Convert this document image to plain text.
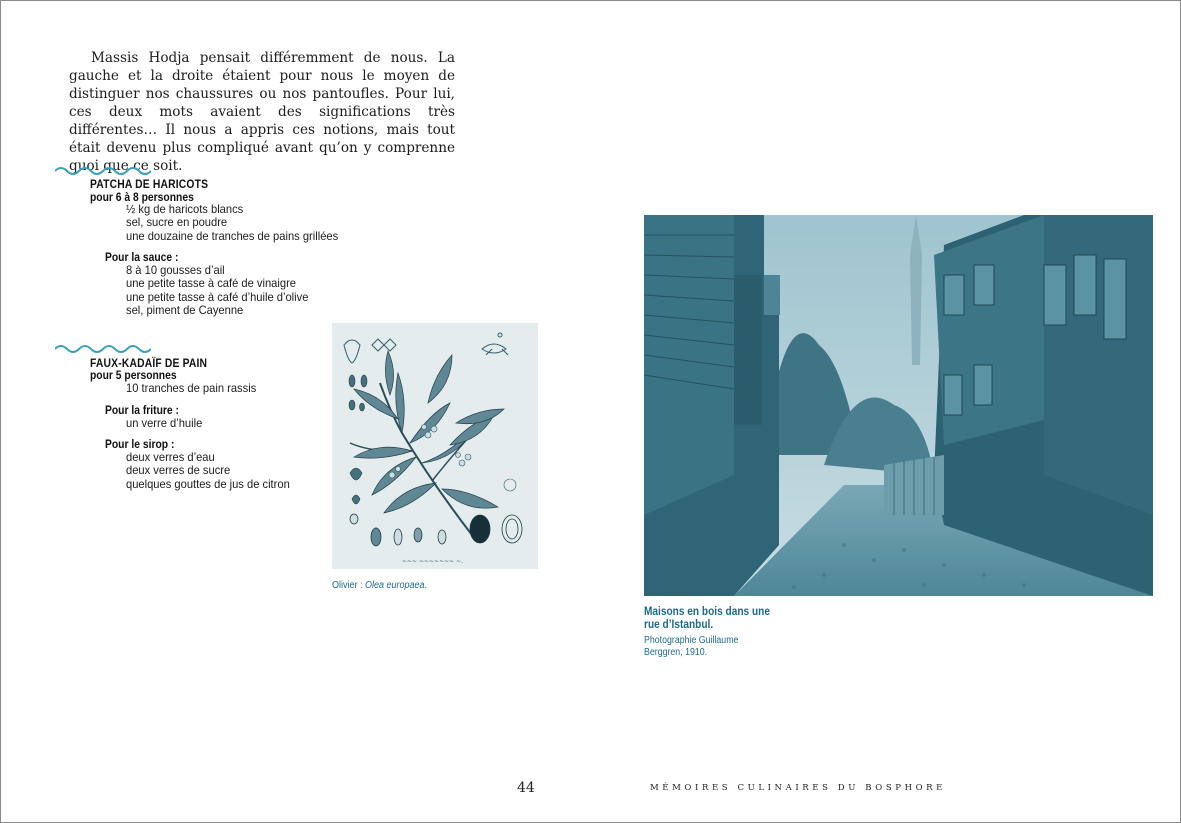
Massis Hodja pensait différemment de nous. La gauche et la droite étaient pour nous le moyen de distinguer nos chaussures ou nos pantoufles. Pour lui, ces deux mots avaient des significations très différentes… Il nous a appris ces notions, mais tout était devenu plus compliqué avant qu’on y comprenne quoi que ce soit.

PATCHA DE HARICOTS
pour 6 à 8 personnes
½ kg de haricots blancs
sel, sucre en poudre
une douzaine de tranches de pains grillées
Pour la sauce :
8 à 10 gousses d’ail
une petite tasse à café de vinaigre
une petite tasse à café d’huile d’olive
sel, piment de Cayenne
FAUX-KADAÏF DE PAIN
pour 5 personnes
10 tranches de pain rassis
Pour la friture :
un verre d’huile
Pour le sirop :
deux verres d’eau
deux verres de sucre
quelques gouttes de jus de citron
~~~ ~~~~~~~ ~.
Olivier : Olea europaea.
Maisons en bois dans une rue d’Istanbul.
Photographie Guillaume Berggren, 1910.
44	MÉMOIRES CULINAIRES DU BOSPHORE
